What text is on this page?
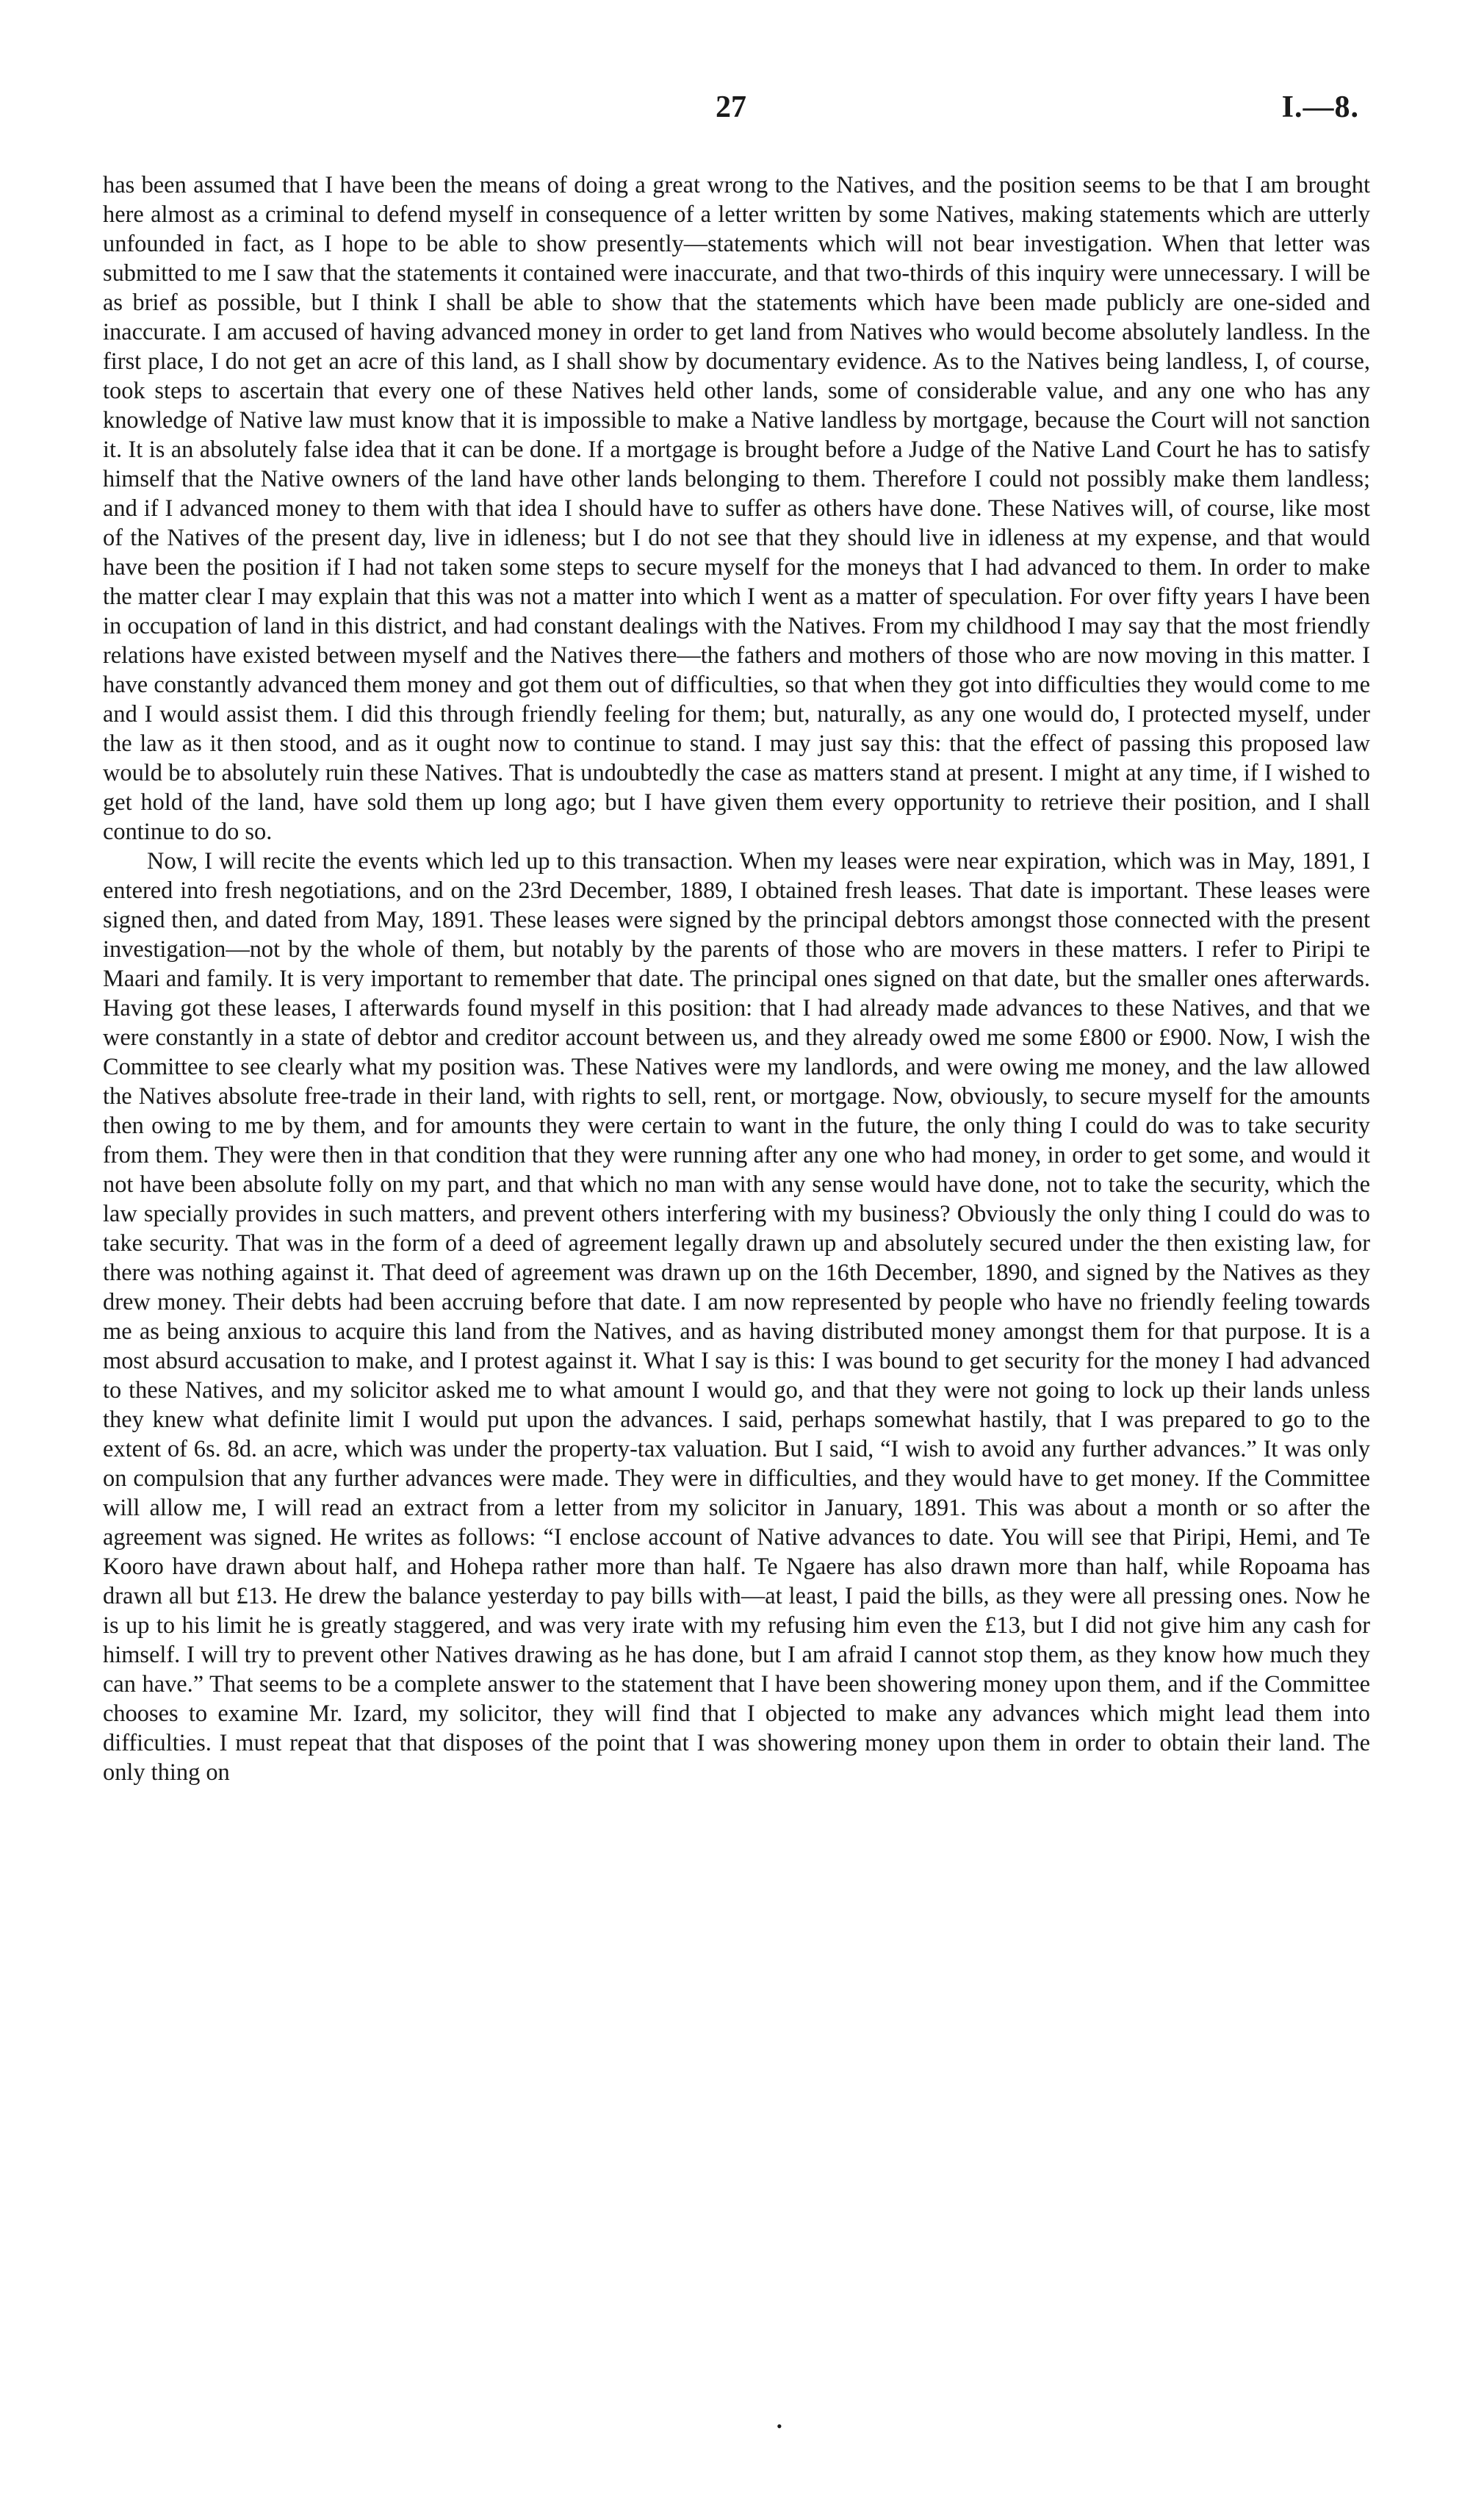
27	I.—8.

has been assumed that I have been the means of doing a great wrong to the Natives, and the position seems to be that I am brought here almost as a criminal to defend myself in consequence of a letter written by some Natives, making statements which are utterly unfounded in fact, as I hope to be able to show presently—statements which will not bear investigation. When that letter was submitted to me I saw that the statements it contained were inaccurate, and that two-thirds of this inquiry were unnecessary. I will be as brief as possible, but I think I shall be able to show that the statements which have been made publicly are one-sided and inaccurate. I am accused of having advanced money in order to get land from Natives who would become absolutely landless. In the first place, I do not get an acre of this land, as I shall show by documentary evidence. As to the Natives being landless, I, of course, took steps to ascertain that every one of these Natives held other lands, some of considerable value, and any one who has any knowledge of Native law must know that it is impossible to make a Native landless by mortgage, because the Court will not sanction it. It is an absolutely false idea that it can be done. If a mortgage is brought before a Judge of the Native Land Court he has to satisfy himself that the Native owners of the land have other lands belonging to them. Therefore I could not possibly make them landless; and if I advanced money to them with that idea I should have to suffer as others have done. These Natives will, of course, like most of the Natives of the present day, live in idleness; but I do not see that they should live in idleness at my expense, and that would have been the position if I had not taken some steps to secure myself for the moneys that I had advanced to them. In order to make the matter clear I may explain that this was not a matter into which I went as a matter of speculation. For over fifty years I have been in occupation of land in this district, and had constant dealings with the Natives. From my childhood I may say that the most friendly relations have existed between myself and the Natives there—the fathers and mothers of those who are now moving in this matter. I have constantly advanced them money and got them out of difficulties, so that when they got into difficulties they would come to me and I would assist them. I did this through friendly feeling for them; but, naturally, as any one would do, I protected myself, under the law as it then stood, and as it ought now to continue to stand. I may just say this: that the effect of passing this proposed law would be to absolutely ruin these Natives. That is undoubtedly the case as matters stand at present. I might at any time, if I wished to get hold of the land, have sold them up long ago; but I have given them every opportunity to retrieve their position, and I shall continue to do so.

Now, I will recite the events which led up to this transaction. When my leases were near expiration, which was in May, 1891, I entered into fresh negotiations, and on the 23rd December, 1889, I obtained fresh leases. That date is important. These leases were signed then, and dated from May, 1891. These leases were signed by the principal debtors amongst those connected with the present investigation—not by the whole of them, but notably by the parents of those who are movers in these matters. I refer to Piripi te Maari and family. It is very important to remember that date. The principal ones signed on that date, but the smaller ones afterwards. Having got these leases, I afterwards found myself in this position: that I had already made advances to these Natives, and that we were constantly in a state of debtor and creditor account between us, and they already owed me some £800 or £900. Now, I wish the Committee to see clearly what my position was. These Natives were my landlords, and were owing me money, and the law allowed the Natives absolute free-trade in their land, with rights to sell, rent, or mortgage. Now, obviously, to secure myself for the amounts then owing to me by them, and for amounts they were certain to want in the future, the only thing I could do was to take security from them. They were then in that condition that they were running after any one who had money, in order to get some, and would it not have been absolute folly on my part, and that which no man with any sense would have done, not to take the security, which the law specially provides in such matters, and prevent others interfering with my business? Obviously the only thing I could do was to take security. That was in the form of a deed of agreement legally drawn up and absolutely secured under the then existing law, for there was nothing against it. That deed of agreement was drawn up on the 16th December, 1890, and signed by the Natives as they drew money. Their debts had been accruing before that date. I am now represented by people who have no friendly feeling towards me as being anxious to acquire this land from the Natives, and as having distributed money amongst them for that purpose. It is a most absurd accusation to make, and I protest against it. What I say is this: I was bound to get security for the money I had advanced to these Natives, and my solicitor asked me to what amount I would go, and that they were not going to lock up their lands unless they knew what definite limit I would put upon the advances. I said, perhaps somewhat hastily, that I was prepared to go to the extent of 6s. 8d. an acre, which was under the property-tax valuation. But I said, “I wish to avoid any further advances.” It was only on compulsion that any further advances were made. They were in difficulties, and they would have to get money. If the Committee will allow me, I will read an extract from a letter from my solicitor in January, 1891. This was about a month or so after the agreement was signed. He writes as follows: “I enclose account of Native advances to date. You will see that Piripi, Hemi, and Te Kooro have drawn about half, and Hohepa rather more than half. Te Ngaere has also drawn more than half, while Ropoama has drawn all but £13. He drew the balance yesterday to pay bills with—at least, I paid the bills, as they were all pressing ones. Now he is up to his limit he is greatly staggered, and was very irate with my refusing him even the £13, but I did not give him any cash for himself. I will try to prevent other Natives drawing as he has done, but I am afraid I cannot stop them, as they know how much they can have.” That seems to be a complete answer to the statement that I have been showering money upon them, and if the Committee chooses to examine Mr. Izard, my solicitor, they will find that I objected to make any advances which might lead them into difficulties. I must repeat that that disposes of the point that I was showering money upon them in order to obtain their land. The only thing on

•
